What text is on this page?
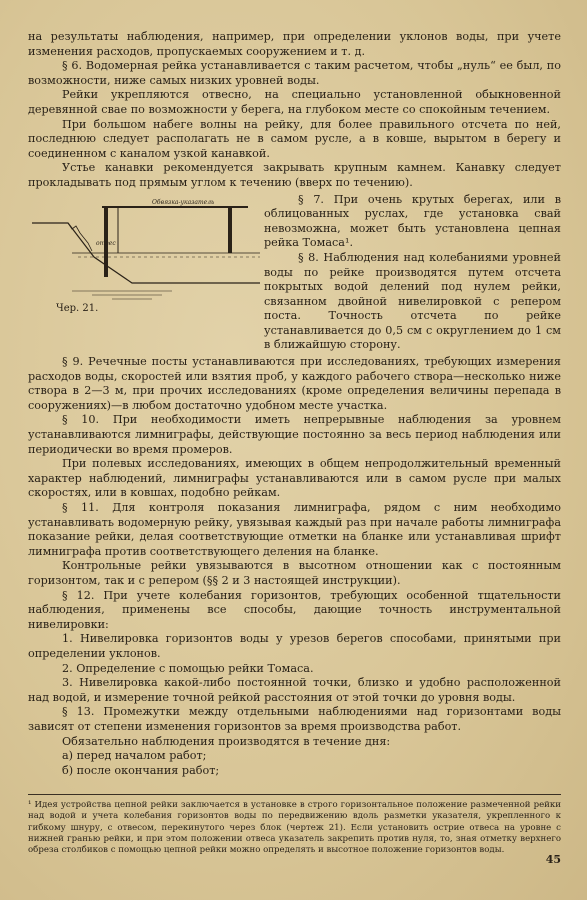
на результаты наблюдения, например, при определении уклонов воды, при учете изменения расходов, пропускаемых сооружением и т. д.

§ 6. Водомерная рейка устанавливается с таким расчетом, чтобы „нуль“ ее был, по возможности, ниже самых низких уровней воды.

Рейки укрепляются отвесно, на специально установленной обыкновенной деревянной свае по возможности у берега, на глубоком месте со спокойным течением.

При большом набеге волны на рейку, для более правильного отсчета по ней, последнюю следует располагать не в самом русле, а в ковше, вырытом в берегу и соединенном с каналом узкой канавкой.

Устье канавки рекомендуется закрывать крупным камнем. Канавку следует прокладывать под прямым углом к течению (вверх по течению).

Обвязка-указатель
отвес
Чер. 21.

§ 7. При очень крутых берегах, или в облицованных руслах, где установка свай невозможна, может быть установлена цепная рейка Томаса¹.

§ 8. Наблюдения над колебаниями уровней воды по рейке производятся путем отсчета покрытых водой делений под нулем рейки, связанном двойной нивелировкой с репером поста. Точность отсчета по рейке устанавливается до 0,5 см с округлением до 1 см в ближайшую сторону.

§ 9. Речечные посты устанавливаются при исследованиях, требующих измерения расходов воды, скоростей или взятия проб, у каждого рабочего створа—несколько ниже створа в 2—3 м, при прочих исследованиях (кроме определения величины перепада в сооружениях)—в любом достаточно удобном месте участка.

§ 10. При необходимости иметь непрерывные наблюдения за уровнем устанавливаются лимниграфы, действующие постоянно за весь период наблюдения или периодически во время промеров.

При полевых исследованиях, имеющих в общем непродолжительный временный характер наблюдений, лимниграфы устанавливаются или в самом русле при малых скоростях, или в ковшах, подобно рейкам.

§ 11. Для контроля показания лимниграфа, рядом с ним необходимо устанавливать водомерную рейку, увязывая каждый раз при начале работы лимниграфа показание рейки, делая соответствующие отметки на бланке или устанавливая шрифт лимниграфа против соответствующего деления на бланке.

Контрольные рейки увязываются в высотном отношении как с постоянным горизонтом, так и с репером (§§ 2 и 3 настоящей инструкции).

§ 12. При учете колебания горизонтов, требующих особенной тщательности наблюдения, применены все способы, дающие точность инструментальной нивелировки:

1. Нивелировка горизонтов воды у урезов берегов способами, принятыми при определении уклонов.

2. Определение с помощью рейки Томаса.

3. Нивелировка какой-либо постоянной точки, близко и удобно расположенной над водой, и измерение точной рейкой расстояния от этой точки до уровня воды.

§ 13. Промежутки между отдельными наблюдениями над горизонтами воды зависят от степени изменения горизонтов за время производства работ.

Обязательно наблюдения производятся в течение дня:

а) перед началом работ;

б) после окончания работ;

¹ Идея устройства цепной рейки заключается в установке в строго горизонтальное положение размеченной рейки над водой и учета колебания горизонтов воды по передвижению вдоль разметки указателя, укрепленного к гибкому шнуру, с отвесом, перекинутого через блок (чертеж 21). Если установить острие отвеса на уровне с нижней гранью рейки, и при этом положении отвеса указатель закрепить против нуля, то, зная отметку верхнего обреза столбиков с помощью цепной рейки можно определять и высотное положение горизонтов воды.

45
